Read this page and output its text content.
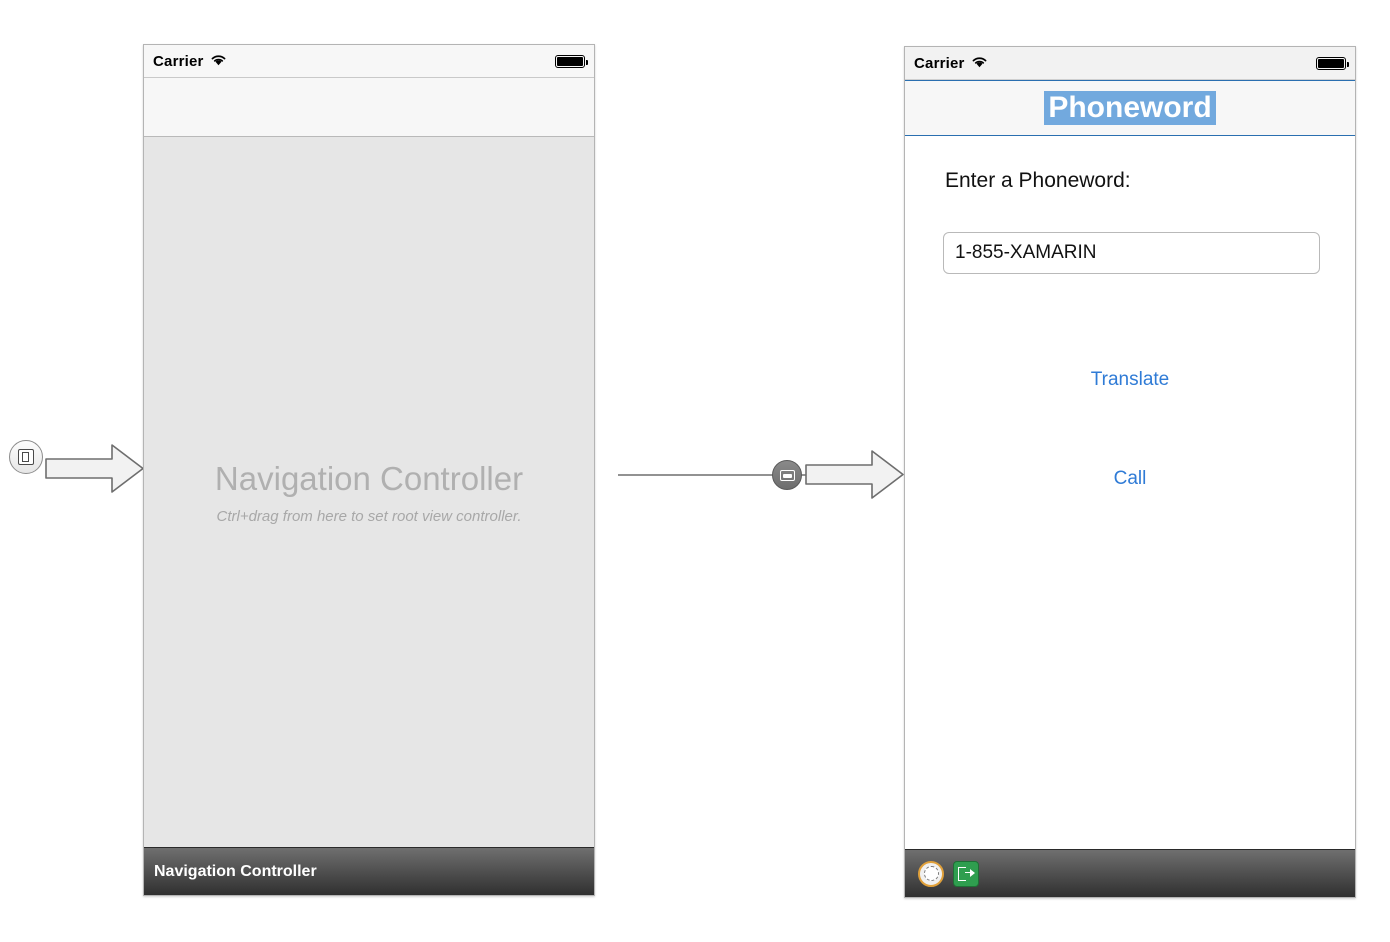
Carrier
Navigation Controller
Ctrl+drag from here to set root view controller.
Navigation Controller
Carrier
Phoneword
Enter a Phoneword:
1-855-XAMARIN
Translate
Call
